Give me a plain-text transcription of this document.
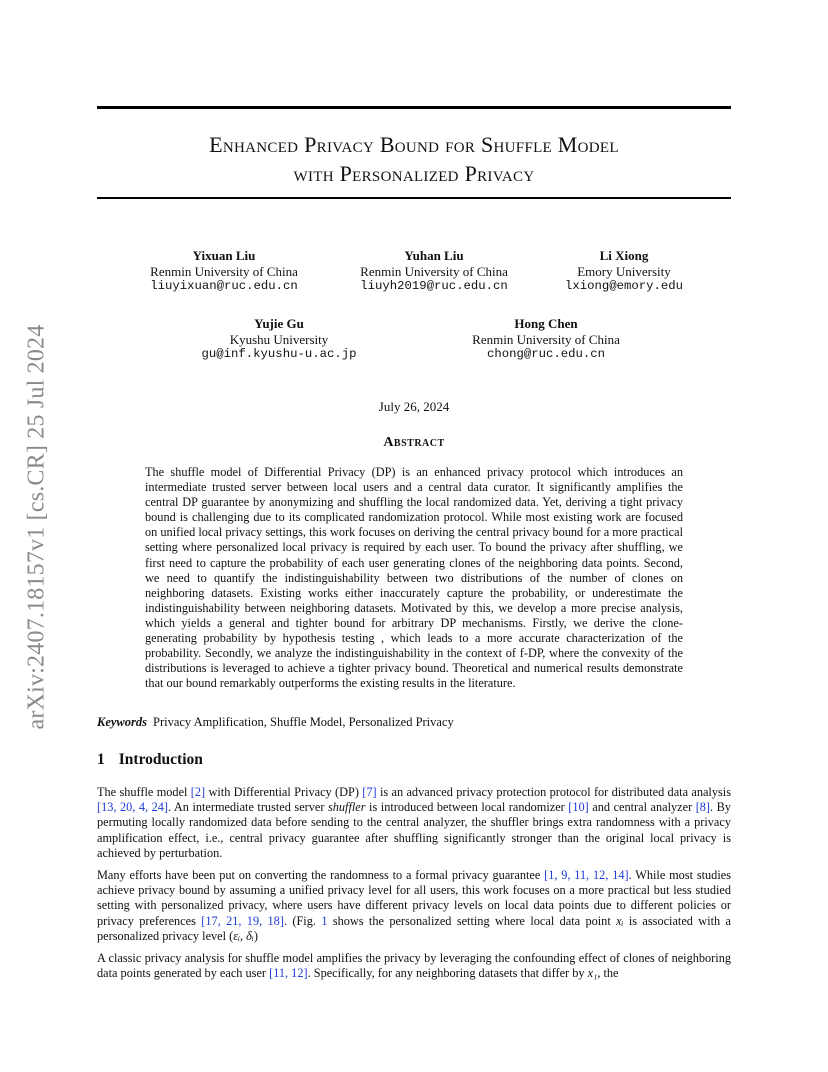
Enhanced Privacy Bound for Shuffle Model
with Personalized Privacy
arXiv:2407.18157v1 [cs.CR] 25 Jul 2024
Yixuan Liu
Renmin University of China
liuyixuan@ruc.edu.cn
Yuhan Liu
Renmin University of China
liuyh2019@ruc.edu.cn
Li Xiong
Emory University
lxiong@emory.edu
Yujie Gu
Kyushu University
gu@inf.kyushu-u.ac.jp
Hong Chen
Renmin University of China
chong@ruc.edu.cn
July 26, 2024
Abstract
The shuffle model of Differential Privacy (DP) is an enhanced privacy protocol which introduces an intermediate trusted server between local users and a central data curator. It significantly amplifies the central DP guarantee by anonymizing and shuffling the local randomized data. Yet, deriving a tight privacy bound is challenging due to its complicated randomization protocol. While most existing work are focused on unified local privacy settings, this work focuses on deriving the central privacy bound for a more practical setting where personalized local privacy is required by each user. To bound the privacy after shuffling, we first need to capture the probability of each user generating clones of the neighboring data points. Second, we need to quantify the indistinguishability between two distributions of the number of clones on neighboring datasets. Existing works either inaccurately capture the probability, or underestimate the indistinguishability between neighboring datasets. Motivated by this, we develop a more precise analysis, which yields a general and tighter bound for arbitrary DP mechanisms. Firstly, we derive the clone-generating probability by hypothesis testing , which leads to a more accurate characterization of the probability. Secondly, we analyze the indistinguishability in the context of f-DP, where the convexity of the distributions is leveraged to achieve a tighter privacy bound. Theoretical and numerical results demonstrate that our bound remarkably outperforms the existing results in the literature.
Keywords Privacy Amplification, Shuffle Model, Personalized Privacy
1 Introduction

The shuffle model [2] with Differential Privacy (DP) [7] is an advanced privacy protection protocol for distributed data analysis [13, 20, 4, 24]. An intermediate trusted server shuffler is introduced between local randomizer [10] and central analyzer [8]. By permuting locally randomized data before sending to the central analyzer, the shuffler brings extra randomness with a privacy amplification effect, i.e., central privacy guarantee after shuffling significantly stronger than the original local privacy is achieved by perturbation.

Many efforts have been put on converting the randomness to a formal privacy guarantee [1, 9, 11, 12, 14]. While most studies achieve privacy bound by assuming a unified privacy level for all users, this work focuses on a more practical but less studied setting with personalized privacy, where users have different privacy levels on local data points due to different policies or privacy preferences [17, 21, 19, 18]. (Fig. 1 shows the personalized setting where local data point xᵢ is associated with a personalized privacy level (εᵢ, δᵢ)

A classic privacy analysis for shuffle model amplifies the privacy by leveraging the confounding effect of clones of neighboring data points generated by each user [11, 12]. Specifically, for any neighboring datasets that differ by x₁, the
